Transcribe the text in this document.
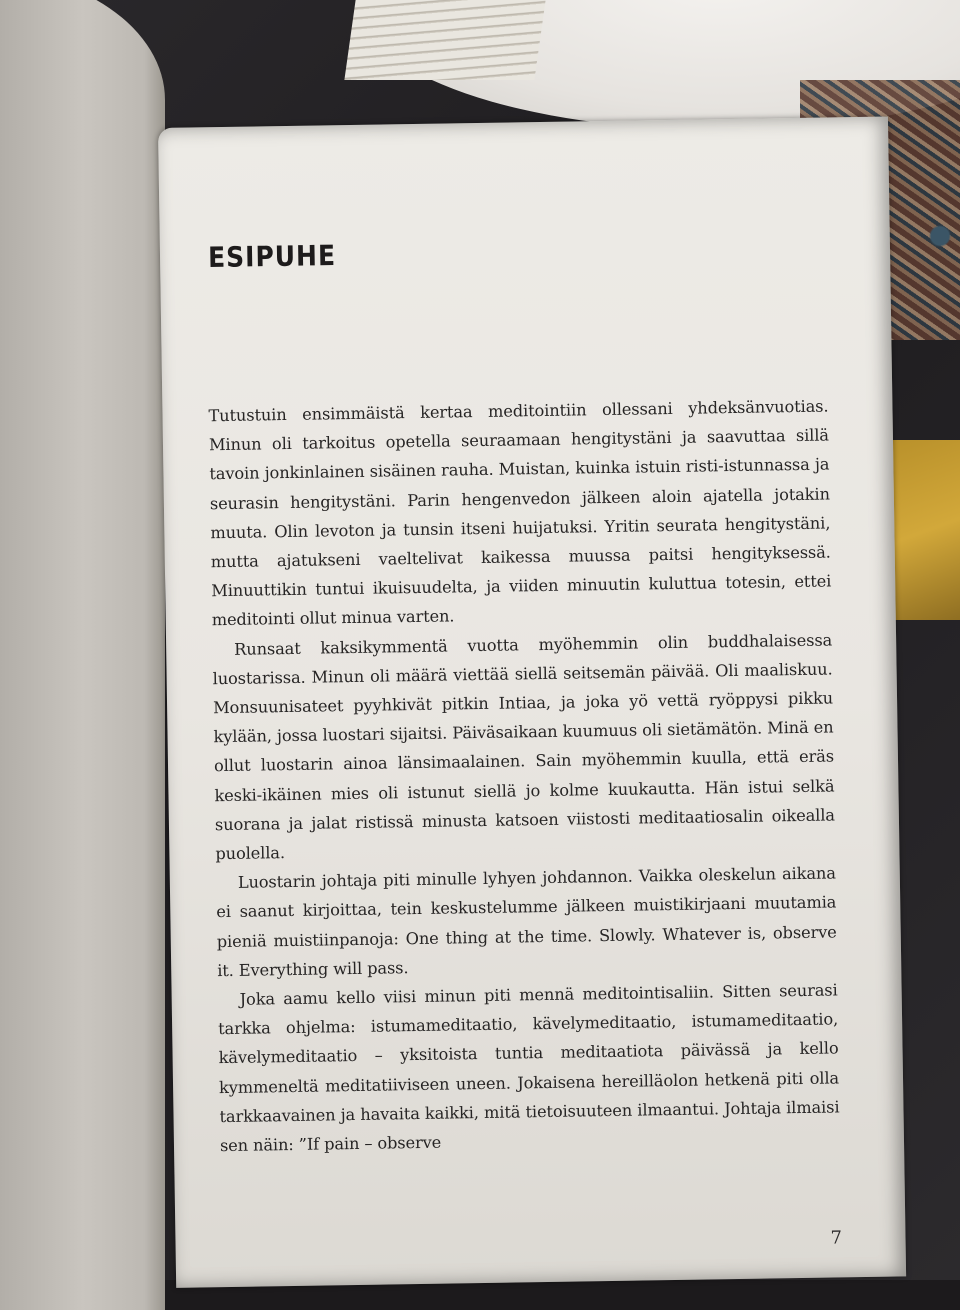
ESIPUHE

Tutustuin ensimmäistä kertaa meditointiin ollessani yhdeksänvuotias. Minun oli tarkoitus opetella seuraamaan hengitystäni ja saavuttaa sillä tavoin jonkinlainen sisäinen rauha. Muistan, kuinka istuin risti-istunnassa ja seurasin hengitystäni. Parin hengenvedon jälkeen aloin ajatella jotakin muuta. Olin levoton ja tunsin itseni huijatuksi. Yritin seurata hengitystäni, mutta ajatukseni vaeltelivat kaikessa muussa paitsi hengityksessä. Minuuttikin tuntui ikuisuudelta, ja viiden minuutin kuluttua totesin, ettei meditointi ollut minua varten.

Runsaat kaksikymmentä vuotta myöhemmin olin buddhalaisessa luostarissa. Minun oli määrä viettää siellä seitsemän päivää. Oli maaliskuu. Monsuunisateet pyyhkivät pitkin Intiaa, ja joka yö vettä ryöppysi pikku kylään, jossa luostari sijaitsi. Päiväsaikaan kuumuus oli sietämätön. Minä en ollut luostarin ainoa länsimaalainen. Sain myöhemmin kuulla, että eräs keski-ikäinen mies oli istunut siellä jo kolme kuukautta. Hän istui selkä suorana ja jalat ristissä minusta katsoen viistosti meditaatiosalin oikealla puolella.

Luostarin johtaja piti minulle lyhyen johdannon. Vaikka oleskelun aikana ei saanut kirjoittaa, tein keskustelumme jälkeen muistikirjaani muutamia pieniä muistiinpanoja: One thing at the time. Slowly. Whatever is, observe it. Everything will pass.

Joka aamu kello viisi minun piti mennä meditointisaliin. Sitten seurasi tarkka ohjelma: istumameditaatio, kävelymeditaatio, istumameditaatio, kävelymeditaatio – yksitoista tuntia meditaatiota päivässä ja kello kymmeneltä meditatiiviseen uneen. Jokaisena hereilläolon hetkenä piti olla tarkkaavainen ja havaita kaikki, mitä tietoisuuteen ilmaantui. Johtaja ilmaisi sen näin: ”If pain – observe

7
